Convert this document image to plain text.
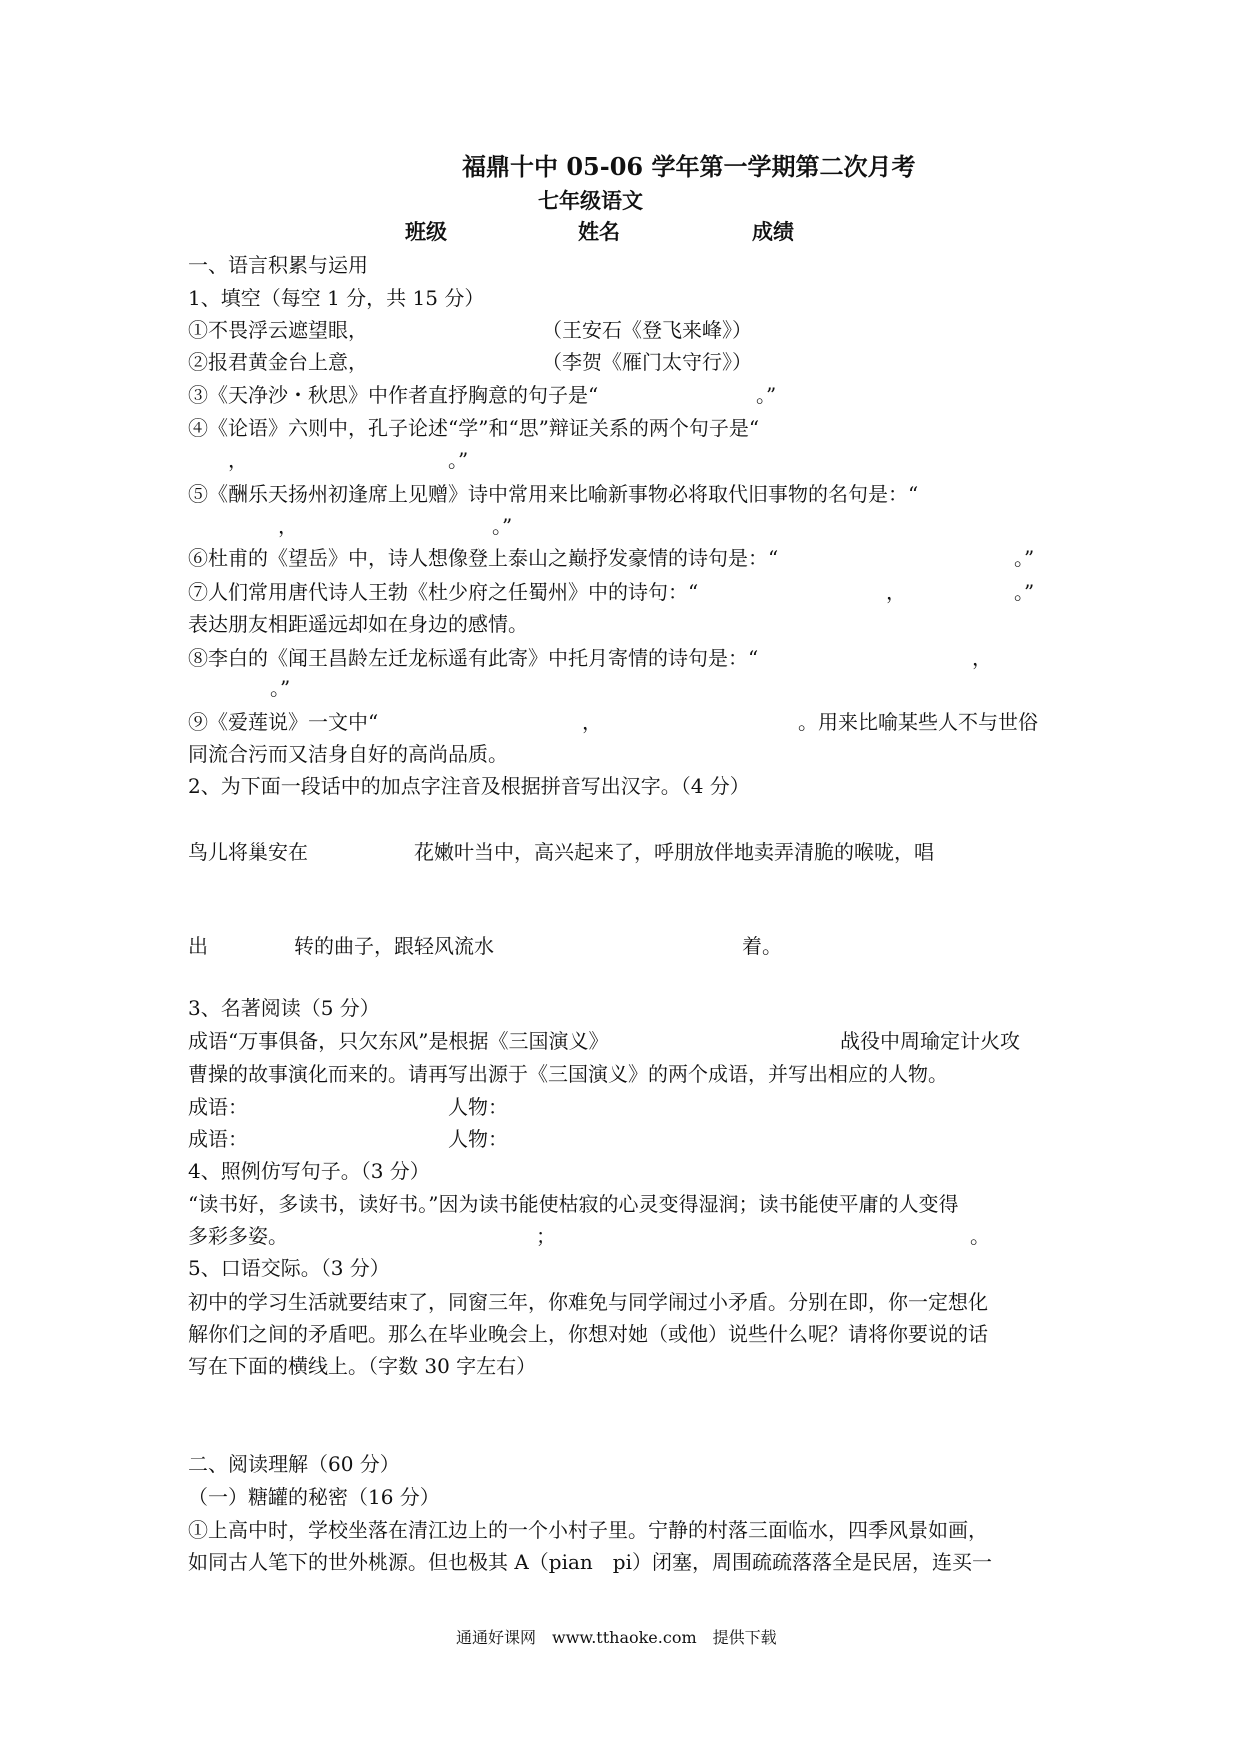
福鼎十中 05-06 学年第一学期第二次月考
七年级语文
班级	姓名	成绩
一、语言积累与运用
1、填空（每空 1 分，共 15 分）
①不畏浮云遮望眼，	（王安石《登飞来峰》）
②报君黄金台上意，	（李贺《雁门太守行》）
③《天净沙・秋思》中作者直抒胸意的句子是“	。”
④《论语》六则中，孔子论述“学”和“思”辩证关系的两个句子是“
，	。”
⑤《酬乐天扬州初逢席上见赠》诗中常用来比喻新事物必将取代旧事物的名句是：“
，	。”
⑥杜甫的《望岳》中，诗人想像登上泰山之巅抒发豪情的诗句是：“	。”
⑦人们常用唐代诗人王勃《杜少府之任蜀州》中的诗句：“	，	。”
表达朋友相距遥远却如在身边的感情。
⑧李白的《闻王昌龄左迁龙标遥有此寄》中托月寄情的诗句是：“	，
。”
⑨《爱莲说》一文中“	，	。用来比喻某些人不与世俗
同流合污而又洁身自好的高尚品质。
2、为下面一段话中的加点字注音及根据拼音写出汉字。（4 分）
鸟儿将巢安在	花嫩叶当中，高兴起来了，呼朋放伴地卖弄清脆的喉咙，唱
出	转的曲子，跟轻风流水	着。
3、名著阅读（5 分）
成语“万事俱备，只欠东风”是根据《三国演义》	战役中周瑜定计火攻
曹操的故事演化而来的。请再写出源于《三国演义》的两个成语，并写出相应的人物。
成语：	人物：
成语：	人物：
4、照例仿写句子。（3 分）
“读书好，多读书，读好书。”因为读书能使枯寂的心灵变得湿润；读书能使平庸的人变得
多彩多姿。	；	。
5、口语交际。（3 分）
初中的学习生活就要结束了，同窗三年，你难免与同学闹过小矛盾。分别在即，你一定想化
解你们之间的矛盾吧。那么在毕业晚会上，你想对她（或他）说些什么呢？请将你要说的话
写在下面的横线上。（字数 30 字左右）
二、阅读理解（60 分）
（一）糖罐的秘密（16 分）
①上高中时，学校坐落在清江边上的一个小村子里。宁静的村落三面临水，四季风景如画，
如同古人笔下的世外桃源。但也极其 A（pian　pi）闭塞，周围疏疏落落全是民居，连买一
通通好课网　www.tthaoke.com　提供下载
